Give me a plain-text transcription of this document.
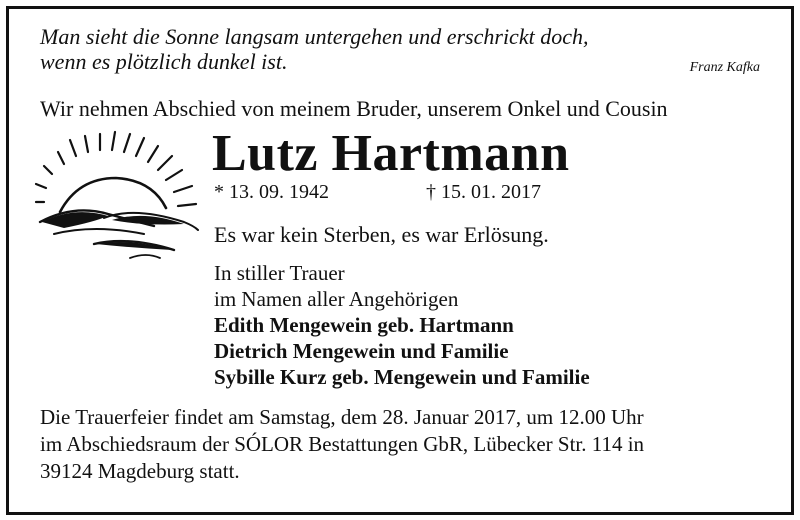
Man sieht die Sonne langsam untergehen und erschrickt doch,
wenn es plötzlich dunkel ist.	Franz Kafka
Wir nehmen Abschied von meinem Bruder, unserem Onkel und Cousin
Lutz Hartmann
* 13. 09. 1942	† 15. 01. 2017
Es war kein Sterben, es war Erlösung.
In stiller Trauer
im Namen aller Angehörigen
Edith Mengewein geb. Hartmann
Dietrich Mengewein und Familie
Sybille Kurz geb. Mengewein und Familie
Die Trauerfeier findet am Samstag, dem 28. Januar 2017, um 12.00 Uhr
im Abschiedsraum der SÓLOR Bestattungen GbR, Lübecker Str. 114 in
39124 Magdeburg statt.
